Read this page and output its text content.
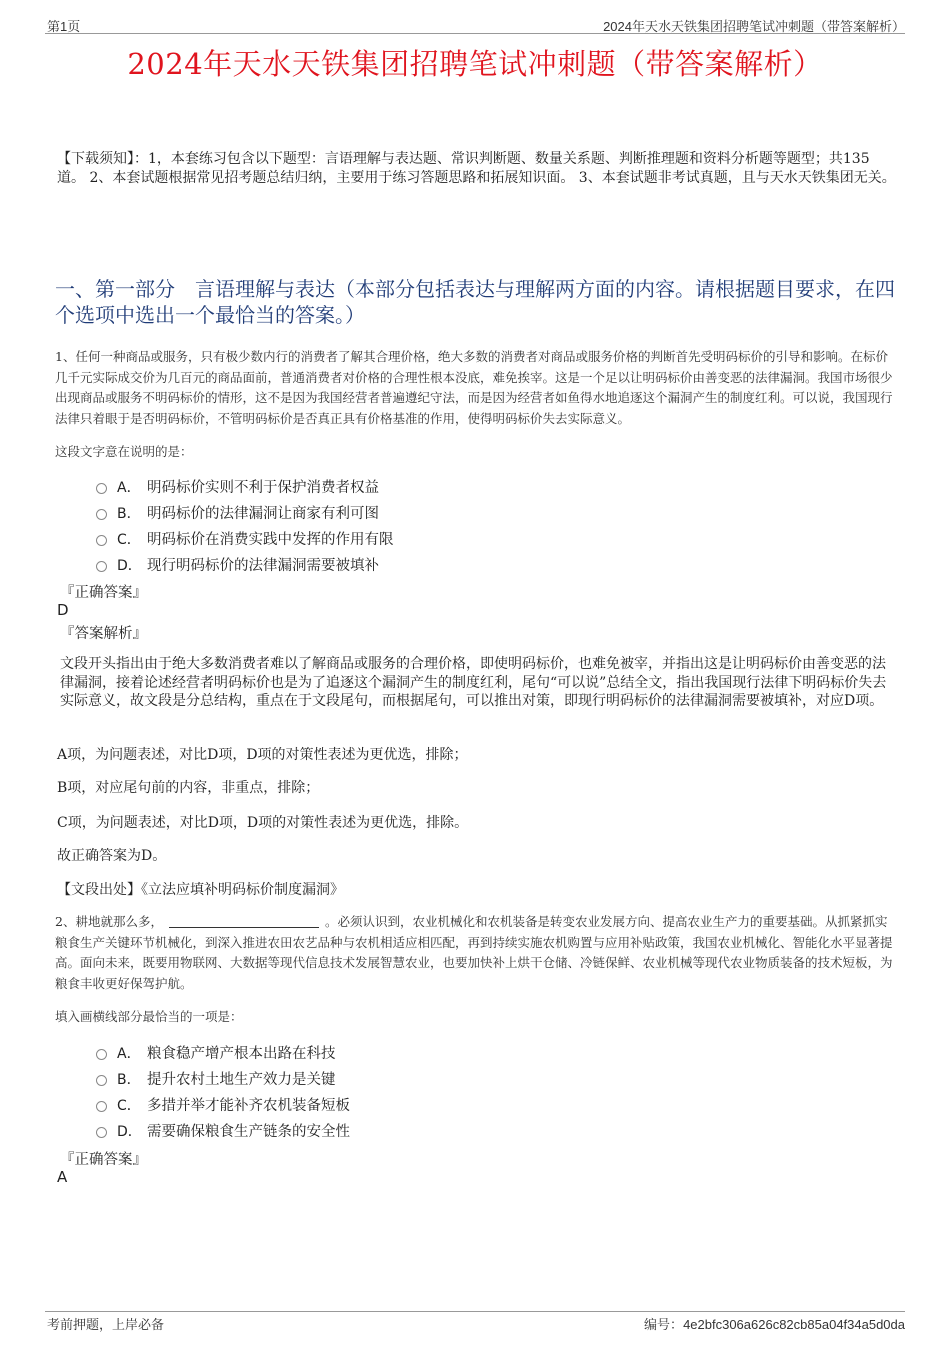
第1页	2024年天水天铁集团招聘笔试冲刺题（带答案解析）
2024年天水天铁集团招聘笔试冲刺题（带答案解析）
【下载须知】：1，本套练习包含以下题型：言语理解与表达题、常识判断题、数量关系题、判断推理题和资料分析题等题型；共135道。 2、本套试题根据常见招考题总结归纳，主要用于练习答题思路和拓展知识面。 3、本套试题非考试真题，且与天水天铁集团无关。
一、第一部分　言语理解与表达（本部分包括表达与理解两方面的内容。请根据题目要求，在四个选项中选出一个最恰当的答案。）
1、任何一种商品或服务，只有极少数内行的消费者了解其合理价格，绝大多数的消费者对商品或服务价格的判断首先受明码标价的引导和影响。在标价几千元实际成交价为几百元的商品面前，普通消费者对价格的合理性根本没底，难免挨宰。这是一个足以让明码标价由善变恶的法律漏洞。我国市场很少出现商品或服务不明码标价的情形，这不是因为我国经营者普遍遵纪守法，而是因为经营者如鱼得水地追逐这个漏洞产生的制度红利。可以说，我国现行法律只着眼于是否明码标价，不管明码标价是否真正具有价格基准的作用，使得明码标价失去实际意义。
这段文字意在说明的是：
A． 明码标价实则不利于保护消费者权益
B． 明码标价的法律漏洞让商家有利可图
C． 明码标价在消费实践中发挥的作用有限
D． 现行明码标价的法律漏洞需要被填补
『正确答案』
D
『答案解析』
文段开头指出由于绝大多数消费者难以了解商品或服务的合理价格，即使明码标价，也难免被宰，并指出这是让明码标价由善变恶的法律漏洞，接着论述经营者明码标价也是为了追逐这个漏洞产生的制度红利，尾句“可以说”总结全文，指出我国现行法律下明码标价失去实际意义，故文段是分总结构，重点在于文段尾句，而根据尾句，可以推出对策，即现行明码标价的法律漏洞需要被填补，对应D项。
A项，为问题表述，对比D项，D项的对策性表述为更优选，排除；
B项，对应尾句前的内容，非重点，排除；
C项，为问题表述，对比D项，D项的对策性表述为更优选，排除。
故正确答案为D。
【文段出处】《立法应填补明码标价制度漏洞》
2、耕地就那么多，	。必须认识到，农业机械化和农机装备是转变农业发展方向、提高农业生产力的重要基础。从抓紧抓实粮食生产关键环节机械化，到深入推进农田农艺品种与农机相适应相匹配，再到持续实施农机购置与应用补贴政策，我国农业机械化、智能化水平显著提高。面向未来，既要用物联网、大数据等现代信息技术发展智慧农业，也要加快补上烘干仓储、冷链保鲜、农业机械等现代农业物质装备的技术短板，为粮食丰收更好保驾护航。
填入画横线部分最恰当的一项是：
A． 粮食稳产增产根本出路在科技
B． 提升农村土地生产效力是关键
C． 多措并举才能补齐农机装备短板
D． 需要确保粮食生产链条的安全性
『正确答案』
A
考前押题，上岸必备	编号：4e2bfc306a626c82cb85a04f34a5d0da
